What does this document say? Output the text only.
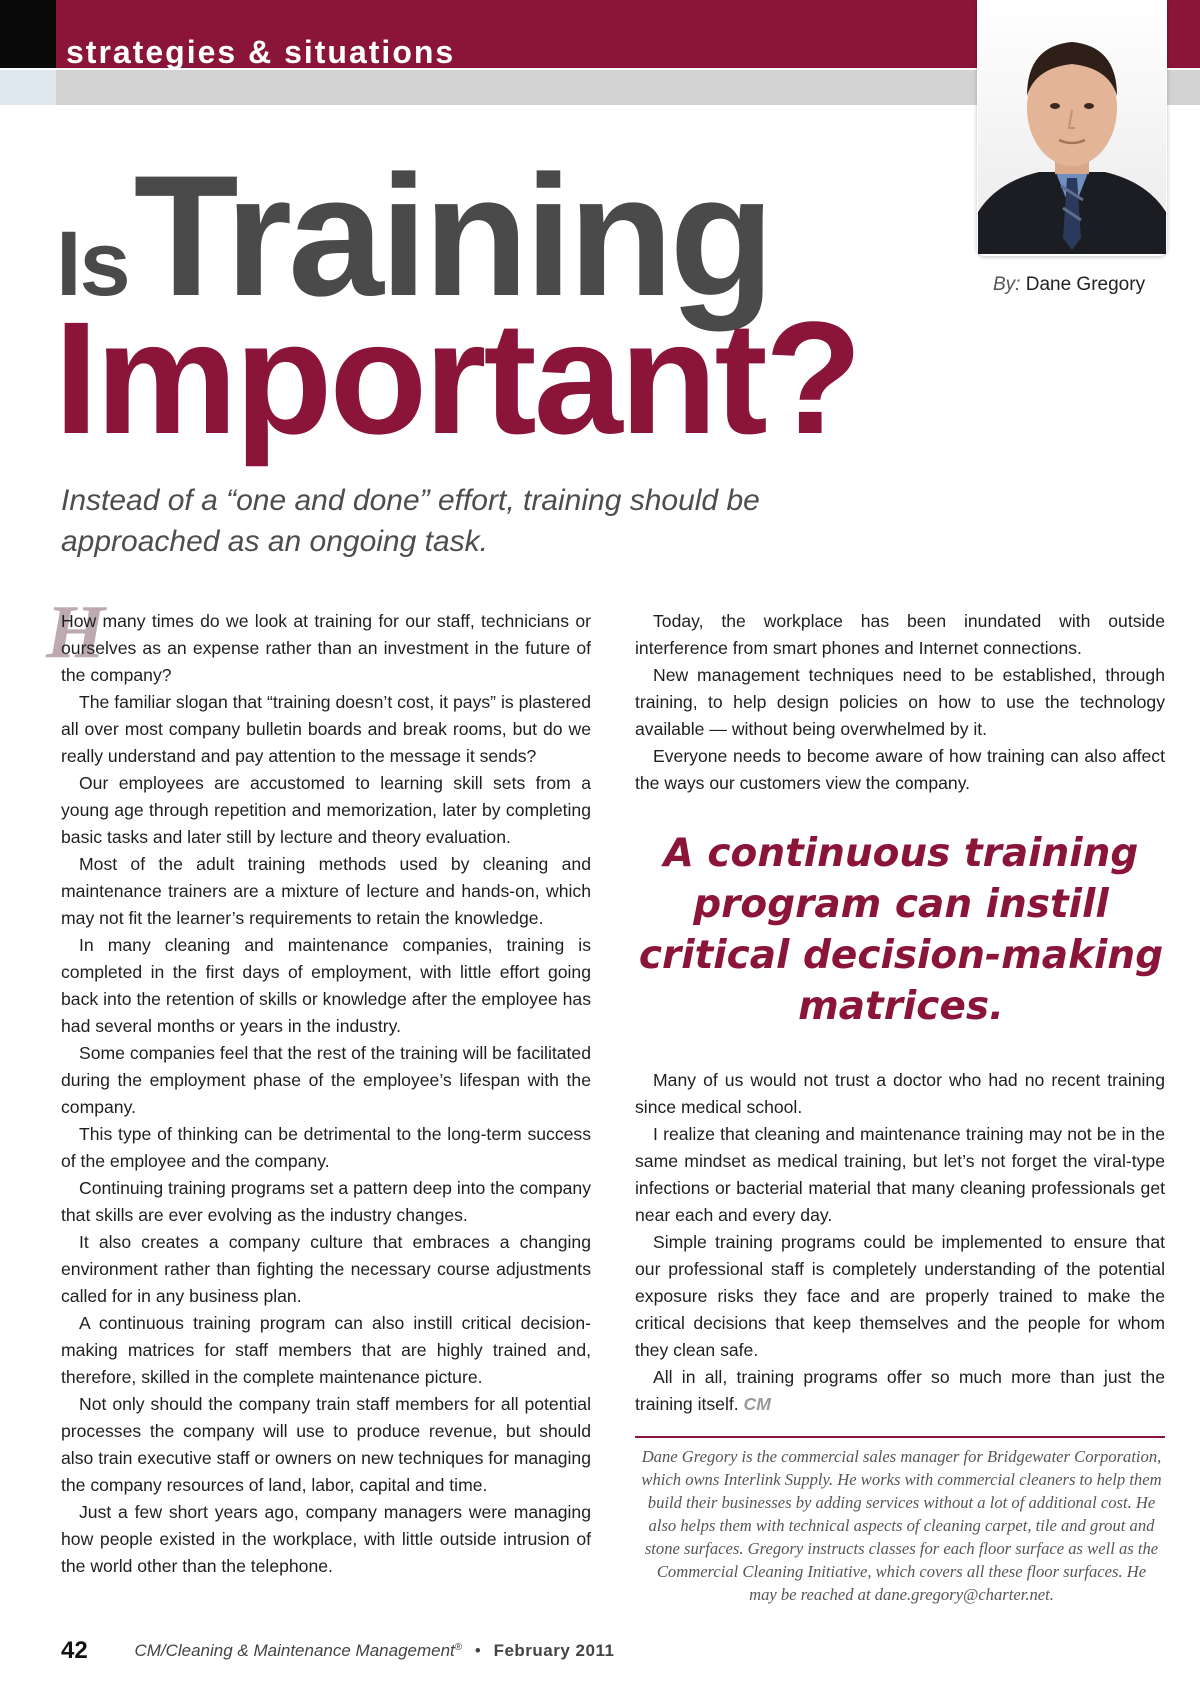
strategies & situations
By: Dane Gregory
Is Training
Important?
Instead of a “one and done” effort, training should be approached as an ongoing task.
H

How many times do we look at training for our staff, technicians or ourselves as an expense rather than an investment in the future of the company?

The familiar slogan that “training doesn’t cost, it pays” is plastered all over most company bulletin boards and break rooms, but do we really understand and pay attention to the message it sends?

Our employees are accustomed to learning skill sets from a young age through repetition and memorization, later by completing basic tasks and later still by lecture and theory evaluation.

Most of the adult training methods used by cleaning and maintenance trainers are a mixture of lecture and hands-on, which may not fit the learner’s requirements to retain the knowledge.

In many cleaning and maintenance companies, training is completed in the first days of employment, with little effort going back into the retention of skills or knowledge after the employee has had several months or years in the industry.

Some companies feel that the rest of the training will be facilitated during the employment phase of the employee’s lifespan with the company.

This type of thinking can be detrimental to the long-term success of the employee and the company.

Continuing training programs set a pattern deep into the company that skills are ever evolving as the industry changes.

It also creates a company culture that embraces a changing environment rather than fighting the necessary course adjustments called for in any business plan.

A continuous training program can also instill critical decision-making matrices for staff members that are highly trained and, therefore, skilled in the complete maintenance picture.

Not only should the company train staff members for all potential processes the company will use to produce revenue, but should also train executive staff or owners on new techniques for managing the company resources of land, labor, capital and time.

Just a few short years ago, company managers were managing how people existed in the workplace, with little outside intrusion of the world other than the telephone.

Today, the workplace has been inundated with outside interference from smart phones and Internet connections.

New management techniques need to be established, through training, to help design policies on how to use the technology available — without being overwhelmed by it.

Everyone needs to become aware of how training can also affect the ways our customers view the company.

A continuous training program can instill critical decision-making matrices.

Many of us would not trust a doctor who had no recent training since medical school.

I realize that cleaning and maintenance training may not be in the same mindset as medical training, but let’s not forget the viral-type infections or bacterial material that many cleaning professionals get near each and every day.

Simple training programs could be implemented to ensure that our professional staff is completely understanding of the potential exposure risks they face and are properly trained to make the critical decisions that keep themselves and the people for whom they clean safe.

All in all, training programs offer so much more than just the training itself. CM

Dane Gregory is the commercial sales manager for Bridgewater Corporation, which owns Interlink Supply. He works with commercial cleaners to help them build their businesses by adding services without a lot of additional cost. He also helps them with technical aspects of cleaning carpet, tile and grout and stone surfaces. Gregory instructs classes for each floor surface as well as the Commercial Cleaning Initiative, which covers all these floor surfaces. He may be reached at dane.gregory@charter.net.

42	CM/Cleaning & Maintenance Management® • February 2011
